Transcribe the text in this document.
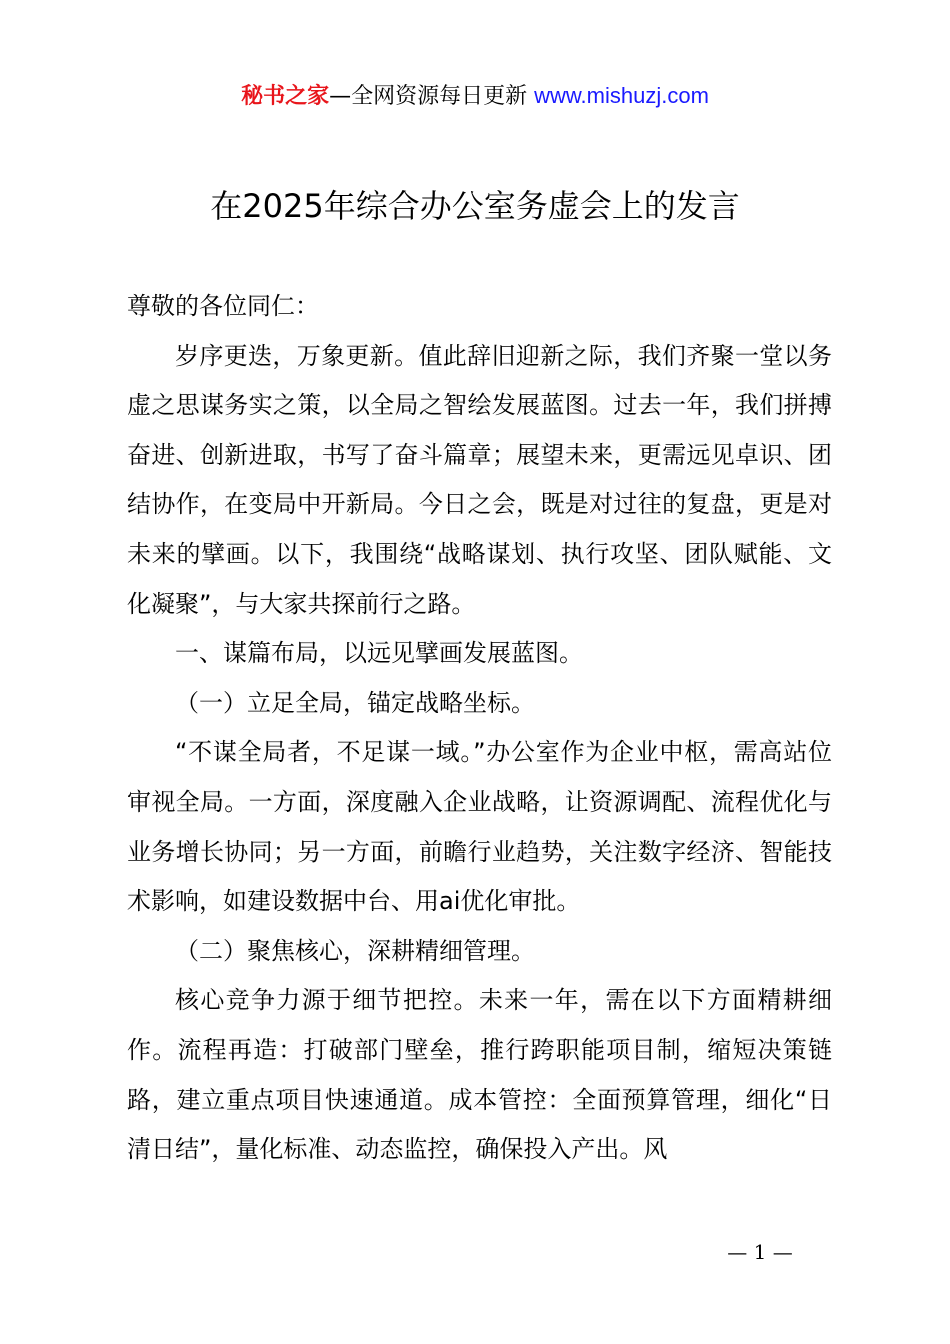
秘书之家—全网资源每日更新 www.mishuzj.com
在2025年综合办公室务虚会上的发言

尊敬的各位同仁：

岁序更迭，万象更新。值此辞旧迎新之际，我们齐聚一堂以务虚之思谋务实之策，以全局之智绘发展蓝图。过去一年，我们拼搏奋进、创新进取，书写了奋斗篇章；展望未来，更需远见卓识、团结协作，在变局中开新局。今日之会，既是对过往的复盘，更是对未来的擘画。以下，我围绕“战略谋划、执行攻坚、团队赋能、文化凝聚”，与大家共探前行之路。

一、谋篇布局，以远见擘画发展蓝图。

（一）立足全局，锚定战略坐标。

“不谋全局者，不足谋一域。”办公室作为企业中枢，需高站位审视全局。一方面，深度融入企业战略，让资源调配、流程优化与业务增长协同；另一方面，前瞻行业趋势，关注数字经济、智能技术影响，如建设数据中台、用ai优化审批。

（二）聚焦核心，深耕精细管理。

核心竞争力源于细节把控。未来一年，需在以下方面精耕细作。流程再造：打破部门壁垒，推行跨职能项目制，缩短决策链路，建立重点项目快速通道。成本管控：全面预算管理，细化“日清日结”，量化标准、动态监控，确保投入产出。风

— 1 —
